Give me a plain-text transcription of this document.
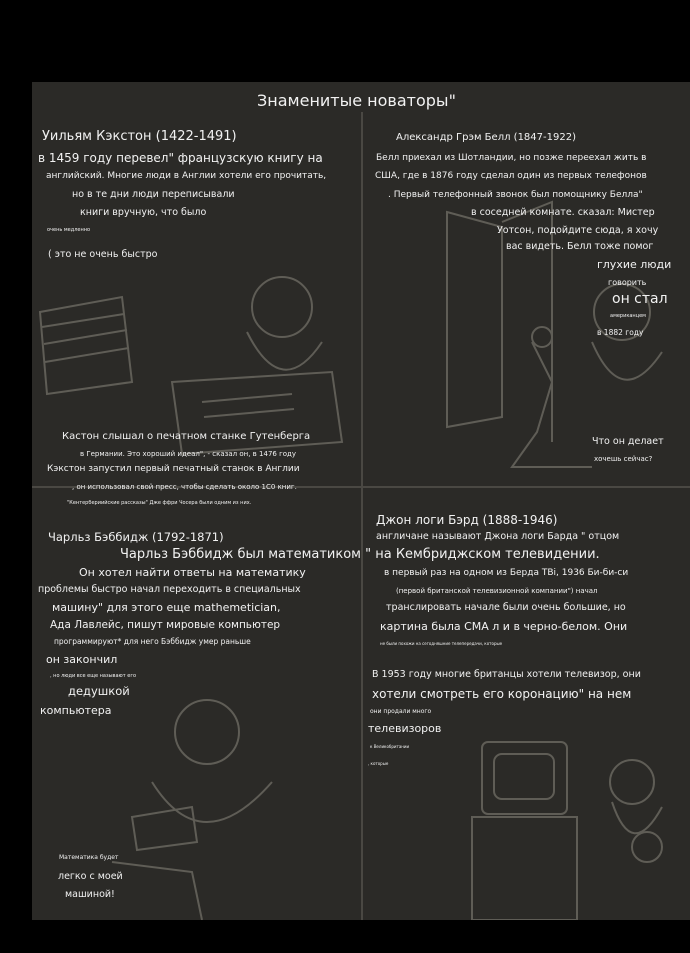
Знаменитые новаторы"
Уильям Кэкстон (1422-1491)
в 1459 году перевел" французскую книгу на
английский. Многие люди в Англии хотели его прочитать,
но в те дни люди переписывали
книги вручную, что было
очень медленно
( это не очень быстро
Кастон слышал о печатном станке Гутенберга
в Германии. Это хороший идеал", - сказал он, в 1476 году
Кэкстон запустил первый печатный станок в Англии
, он использовал свой пресс, чтобы сделать около 1С0 книг.
"Кентербериийские рассказы" Дже ффри Чосера были одним из них.
Александр Грэм Белл (1847-1922)
Белл приехал из Шотландии, но позже переехал жить в
США, где в 1876 году сделал один из первых телефонов
. Первый телефонный звонок был помощнику Белла"
в соседней комнате. сказал: Мистер
Уотсон, подойдите сюда, я хочу
вас видеть. Белл тоже помог
глухие люди
говорить
он стал
американцем
в 1882 году
Что он делает
хочешь сейчас?
Чарльз Бэббидж (1792-1871)
Чарльз Бэббидж был математиком " на Кембриджском телевидении.
Он хотел найти ответы на математику
проблемы быстро начал переходить в специальных
машину" для этого еще mathemetician,
Ада Лавлейс, пишут мировые компьютер
программируют* для него Бэббидж умер раньше
он закончил
, но люди все еще называют его
дедушкой
компьютера
Математика будет
легко с моей
машиной!
Джон логи Бэрд (1888-1946)
англичане называют Джона логи Барда " отцом
в первый раз на одном из Берда ТВі, 1936 Би-би-си
(первой британской телевизионной компании") начал
транслировать начале были очень большие, но
картина была СМА л и в черно-белом. Они
не были похожи на сегодняшние телепередачи, которые
В 1953 году многие британцы хотели телевизор, они
хотели смотреть его коронацию" на нем
они продали много
телевизоров
к Великобритании
, которые
